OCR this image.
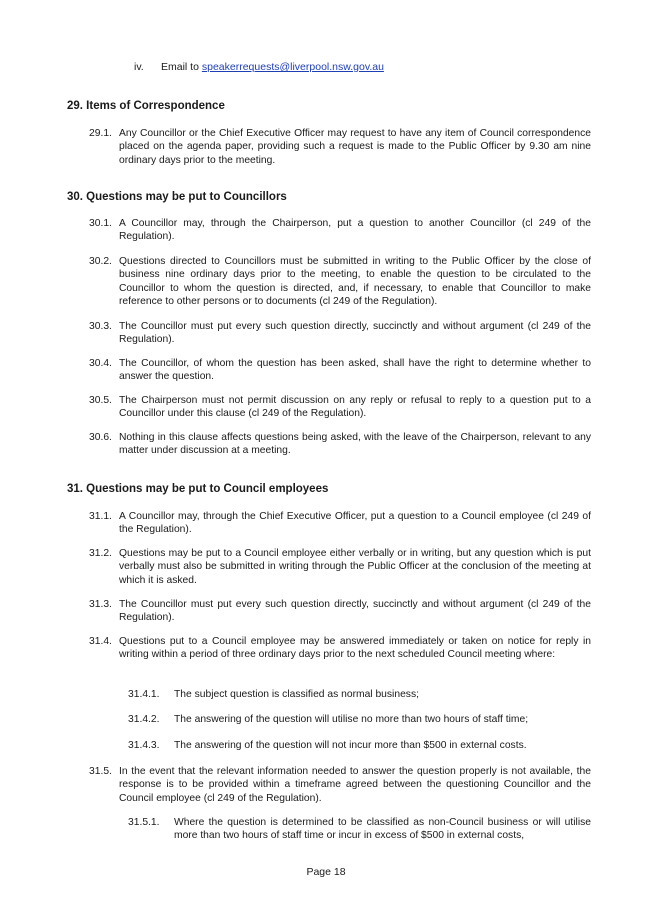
iv. Email to speakerrequests@liverpool.nsw.gov.au
29. Items of Correspondence
29.1. Any Councillor or the Chief Executive Officer may request to have any item of Council correspondence placed on the agenda paper, providing such a request is made to the Public Officer by 9.30 am nine ordinary days prior to the meeting.
30. Questions may be put to Councillors
30.1. A Councillor may, through the Chairperson, put a question to another Councillor (cl 249 of the Regulation).
30.2. Questions directed to Councillors must be submitted in writing to the Public Officer by the close of business nine ordinary days prior to the meeting, to enable the question to be circulated to the Councillor to whom the question is directed, and, if necessary, to enable that Councillor to make reference to other persons or to documents (cl 249 of the Regulation).
30.3. The Councillor must put every such question directly, succinctly and without argument (cl 249 of the Regulation).
30.4. The Councillor, of whom the question has been asked, shall have the right to determine whether to answer the question.
30.5. The Chairperson must not permit discussion on any reply or refusal to reply to a question put to a Councillor under this clause (cl 249 of the Regulation).
30.6. Nothing in this clause affects questions being asked, with the leave of the Chairperson, relevant to any matter under discussion at a meeting.
31. Questions may be put to Council employees
31.1. A Councillor may, through the Chief Executive Officer, put a question to a Council employee (cl 249 of the Regulation).
31.2. Questions may be put to a Council employee either verbally or in writing, but any question which is put verbally must also be submitted in writing through the Public Officer at the conclusion of the meeting at which it is asked.
31.3. The Councillor must put every such question directly, succinctly and without argument (cl 249 of the Regulation).
31.4. Questions put to a Council employee may be answered immediately or taken on notice for reply in writing within a period of three ordinary days prior to the next scheduled Council meeting where:
31.4.1. The subject question is classified as normal business;
31.4.2. The answering of the question will utilise no more than two hours of staff time;
31.4.3. The answering of the question will not incur more than $500 in external costs.
31.5. In the event that the relevant information needed to answer the question properly is not available, the response is to be provided within a timeframe agreed between the questioning Councillor and the Council employee (cl 249 of the Regulation).
31.5.1. Where the question is determined to be classified as non-Council business or will utilise more than two hours of staff time or incur in excess of $500 in external costs,
Page 18
